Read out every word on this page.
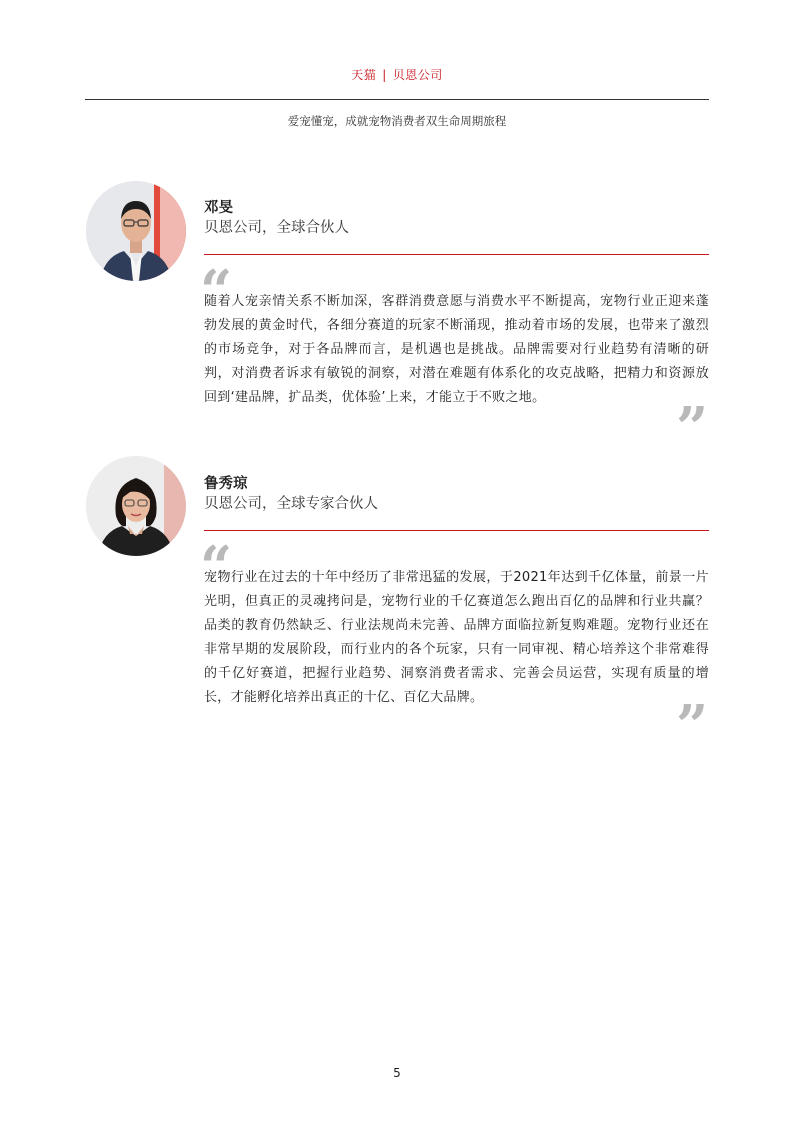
天猫 | 贝恩公司
爱宠懂宠，成就宠物消费者双生命周期旅程
邓旻
贝恩公司，全球合伙人
“
随着人宠亲情关系不断加深，客群消费意愿与消费水平不断提高，宠物行业正迎来蓬勃发展的黄金时代，各细分赛道的玩家不断涌现，推动着市场的发展，也带来了激烈的市场竞争，对于各品牌而言，是机遇也是挑战。品牌需要对行业趋势有清晰的研判，对消费者诉求有敏锐的洞察，对潜在难题有体系化的攻克战略，把精力和资源放回到‘建品牌，扩品类，优体验’上来，才能立于不败之地。	”
鲁秀琼
贝恩公司，全球专家合伙人
“
宠物行业在过去的十年中经历了非常迅猛的发展，于2021年达到千亿体量，前景一片光明，但真正的灵魂拷问是，宠物行业的千亿赛道怎么跑出百亿的品牌和行业共赢？品类的教育仍然缺乏、行业法规尚未完善、品牌方面临拉新复购难题。宠物行业还在非常早期的发展阶段，而行业内的各个玩家，只有一同审视、精心培养这个非常难得的千亿好赛道，把握行业趋势、洞察消费者需求、完善会员运营，实现有质量的增长，才能孵化培养出真正的十亿、百亿大品牌。	”
5
